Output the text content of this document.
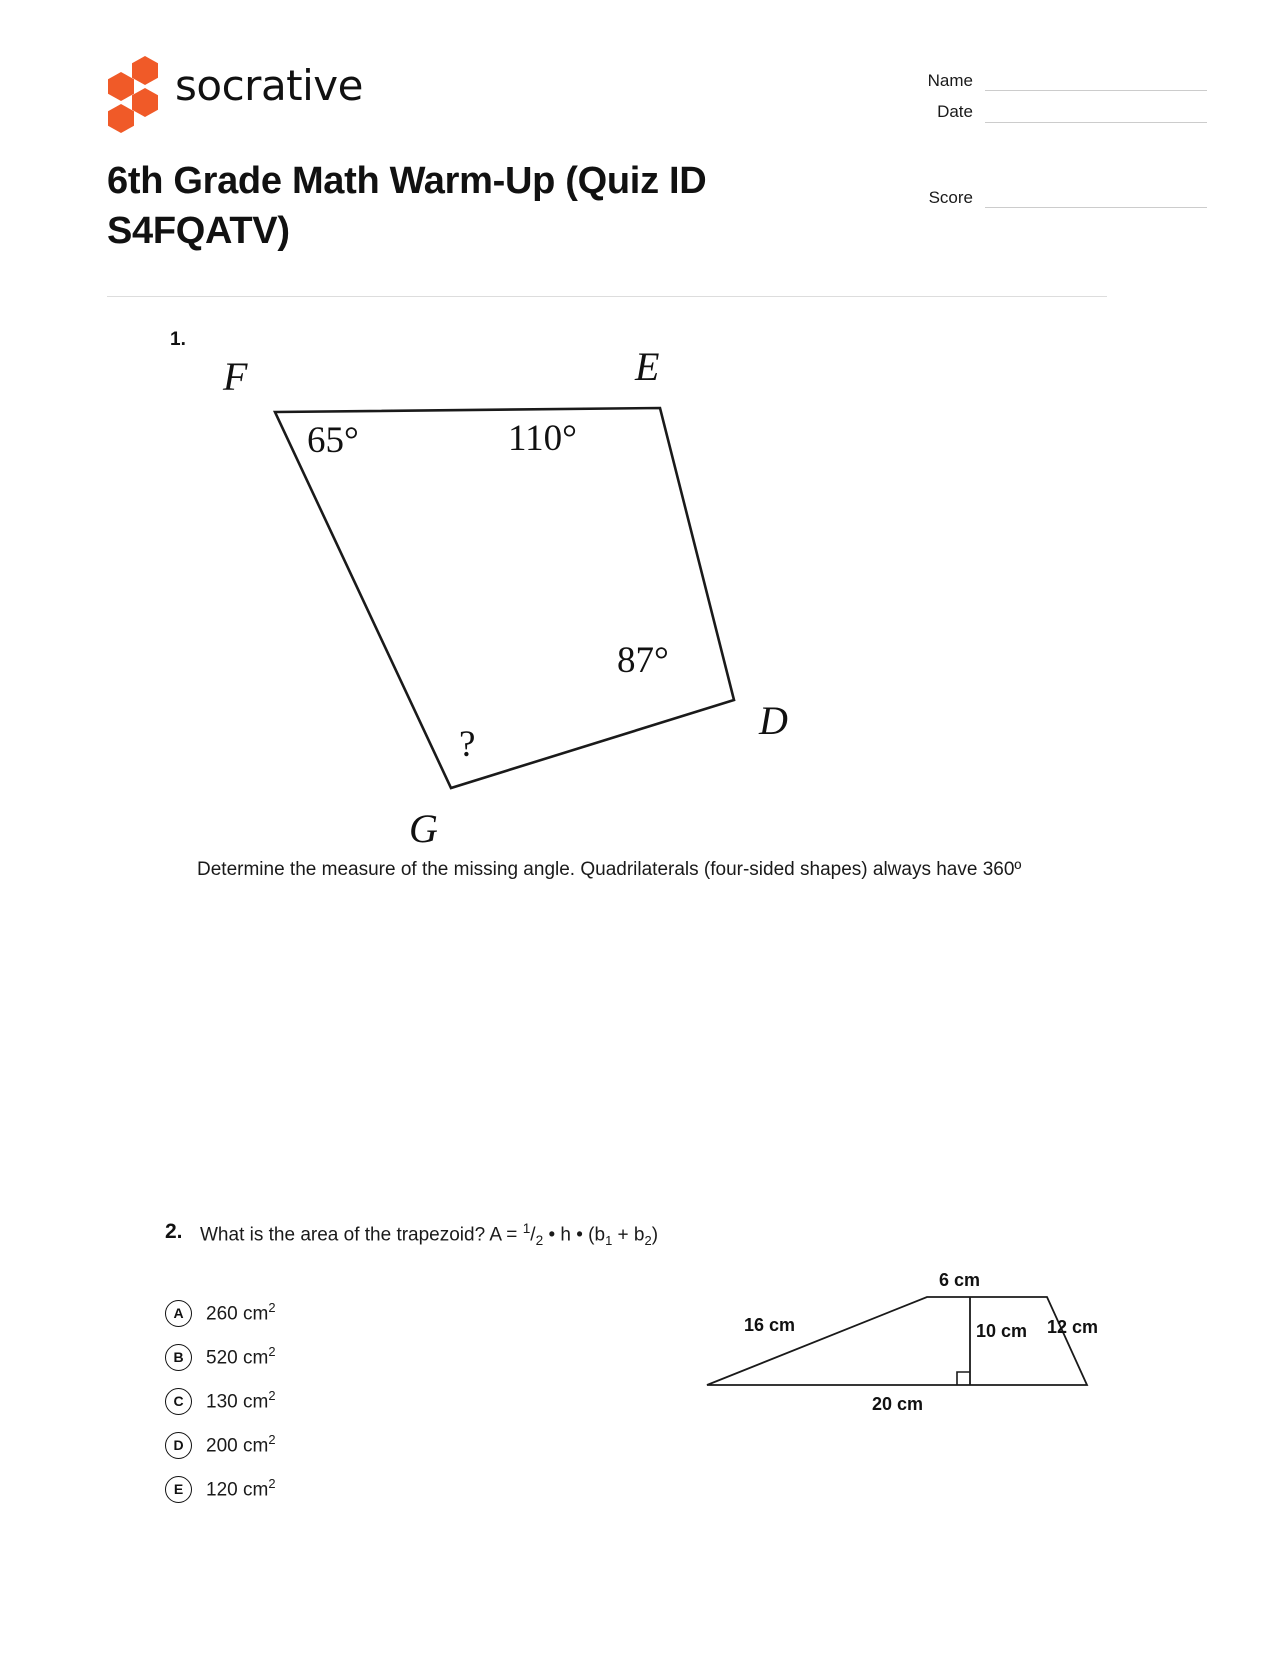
socrative
6th Grade Math Warm-Up (Quiz ID S4FQATV)
Name
Date
Score
1.
F	E
D
G
65°	110°
87°
?
Determine the measure of the missing angle. Quadrilaterals (four-sided shapes) always have 360º
2. What is the area of the trapezoid? $A = ^1/_2$ • h • $(b_1 + b_2)$
A	260 $cm^2$
B	520 $cm^2$
C	130 $cm^2$
D	200 $cm^2$
E	120 $cm^2$
6 cm
16 cm	10 cm 12 cm
20 cm
